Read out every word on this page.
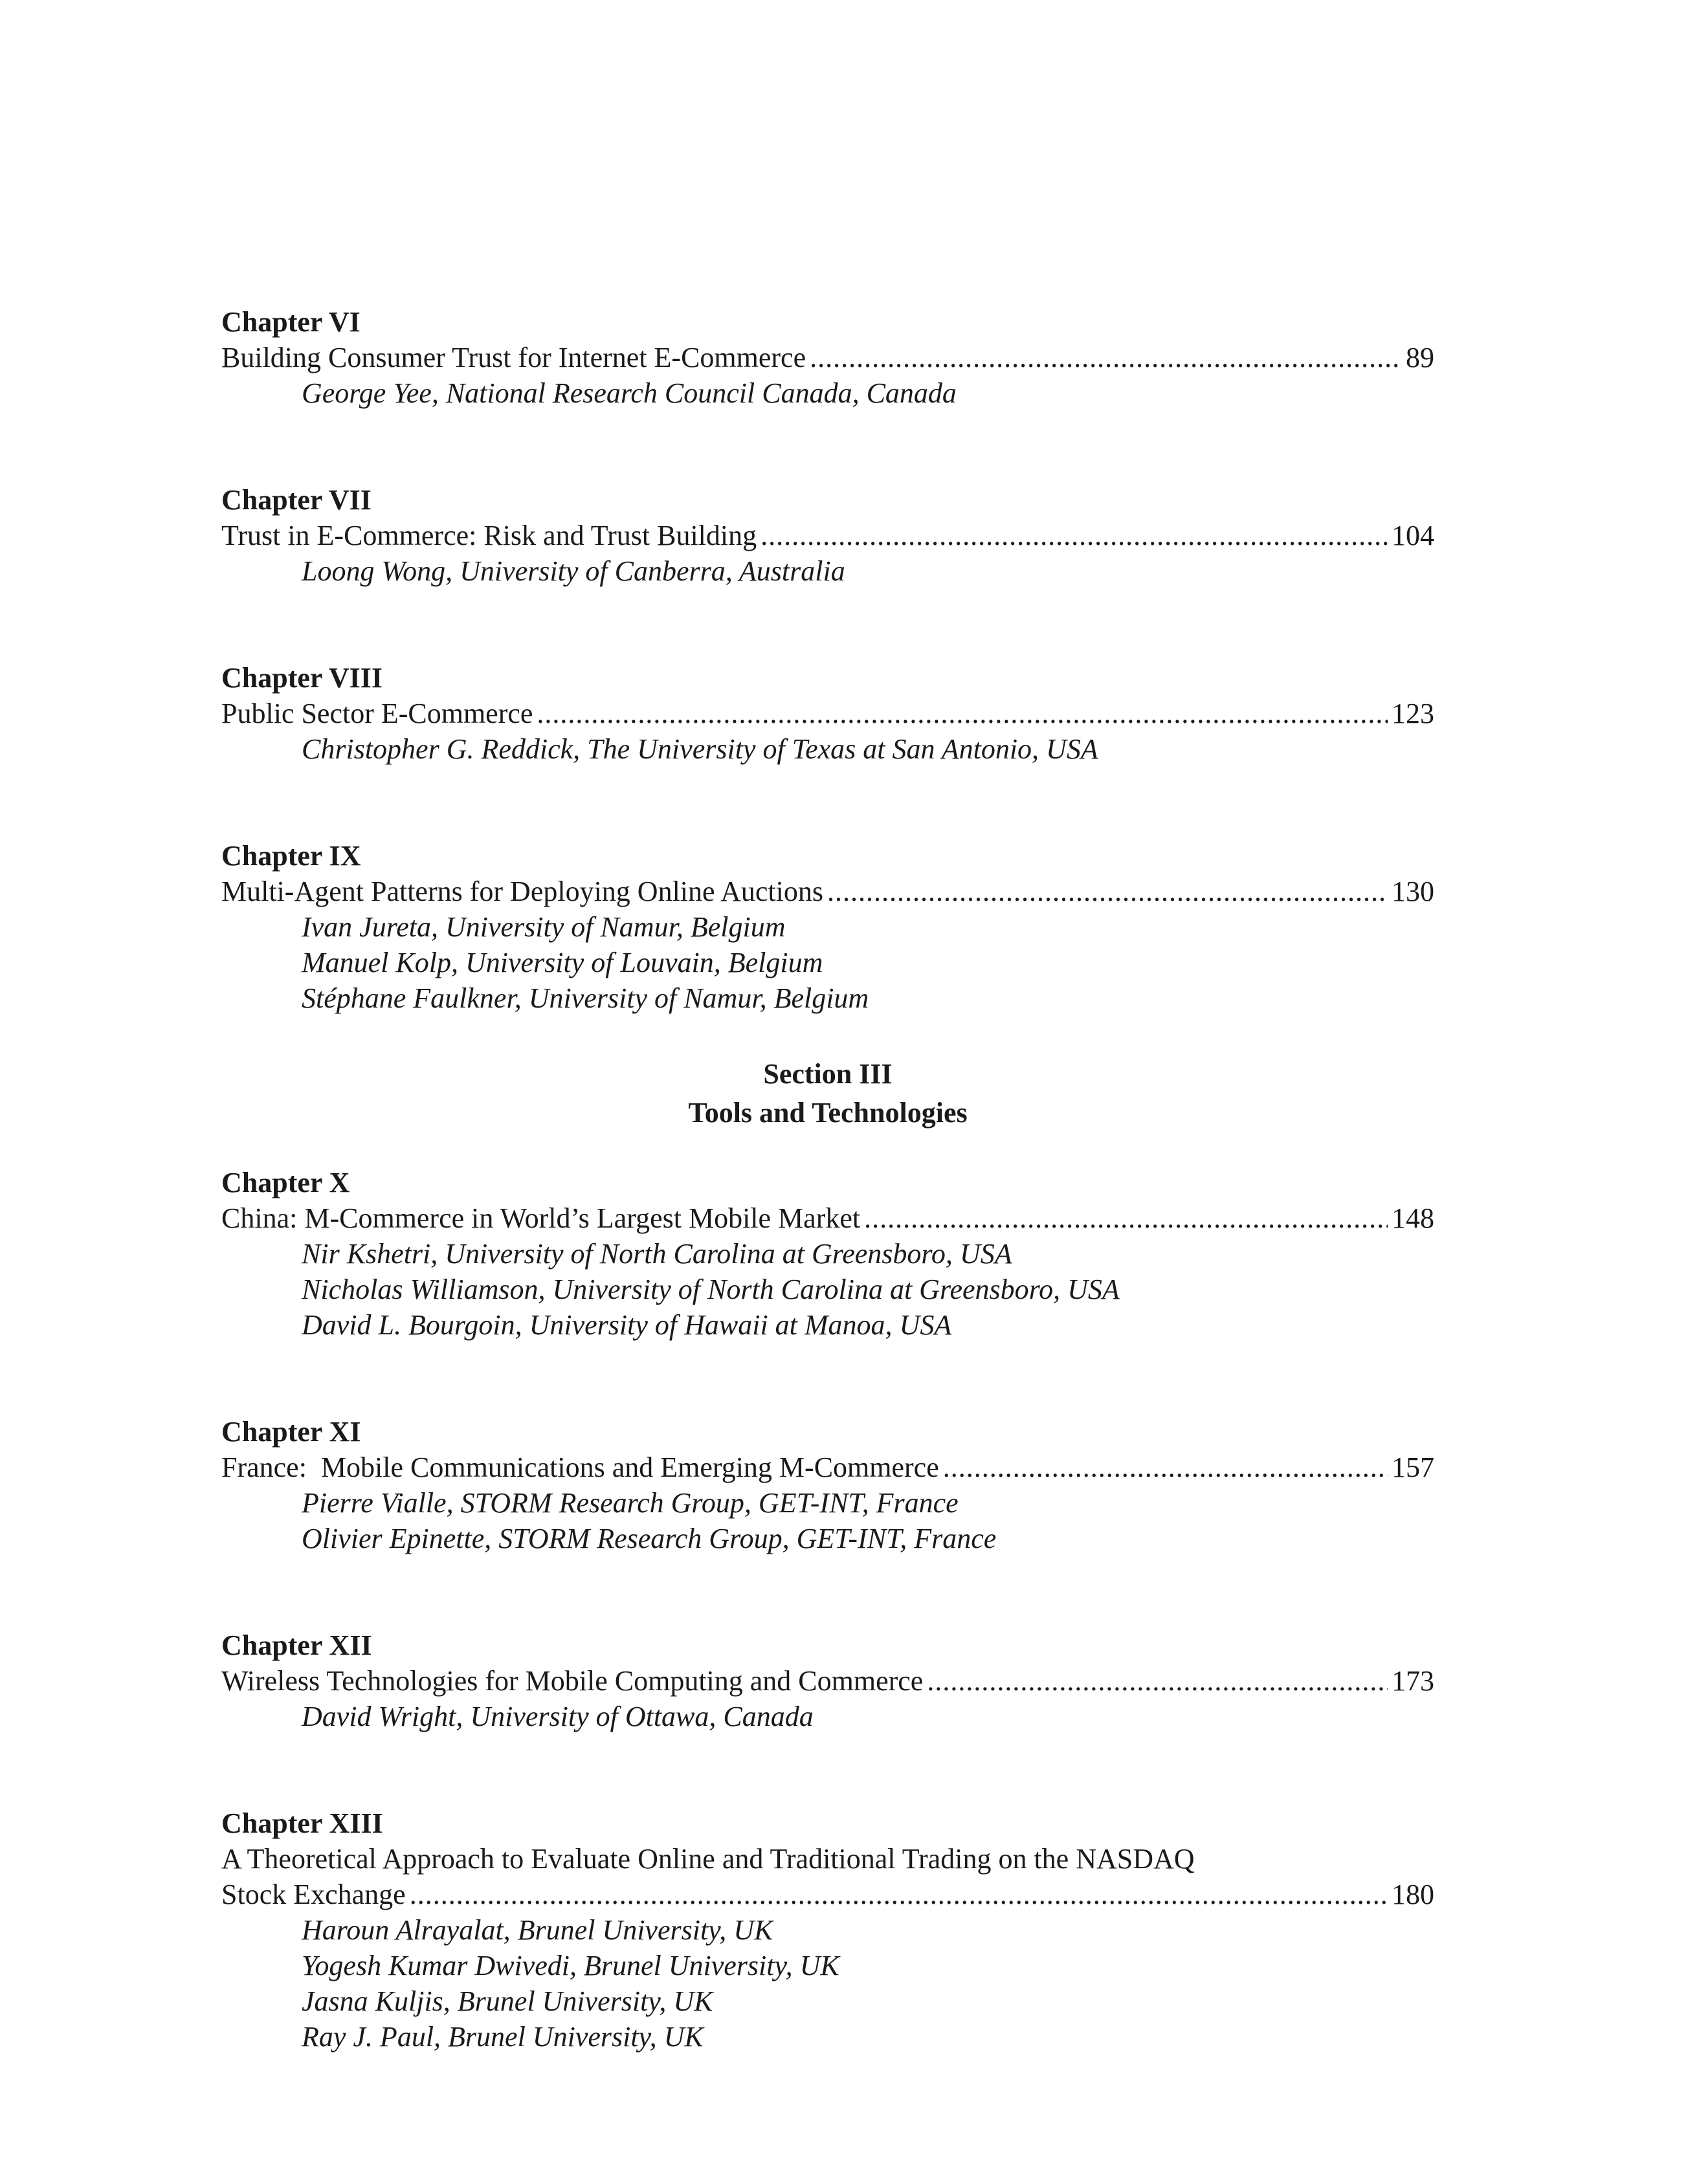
Chapter VI
Building Consumer Trust for Internet E-Commerce .....	89
George Yee, National Research Council Canada, Canada
Chapter VII
Trust in E-Commerce: Risk and Trust Building .....	104
Loong Wong, University of Canberra, Australia
Chapter VIII
Public Sector E-Commerce .....	123
Christopher G. Reddick, The University of Texas at San Antonio, USA
Chapter IX
Multi-Agent Patterns for Deploying Online Auctions .....	130
Ivan Jureta, University of Namur, Belgium
Manuel Kolp, University of Louvain, Belgium
Stéphane Faulkner, University of Namur, Belgium
Section III
Tools and Technologies
Chapter X
China: M-Commerce in World’s Largest Mobile Market .....	148
Nir Kshetri, University of North Carolina at Greensboro, USA
Nicholas Williamson, University of North Carolina at Greensboro, USA
David L. Bourgoin, University of Hawaii at Manoa, USA
Chapter XI
France:  Mobile Communications and Emerging M-Commerce .....	157
Pierre Vialle, STORM Research Group, GET-INT, France
Olivier Epinette, STORM Research Group, GET-INT, France
Chapter XII
Wireless Technologies for Mobile Computing and Commerce .....	173
David Wright, University of Ottawa, Canada
Chapter XIII
A Theoretical Approach to Evaluate Online and Traditional Trading on the NASDAQ
Stock Exchange .....	180
Haroun Alrayalat, Brunel University, UK
Yogesh Kumar Dwivedi, Brunel University, UK
Jasna Kuljis, Brunel University, UK
Ray J. Paul, Brunel University, UK
